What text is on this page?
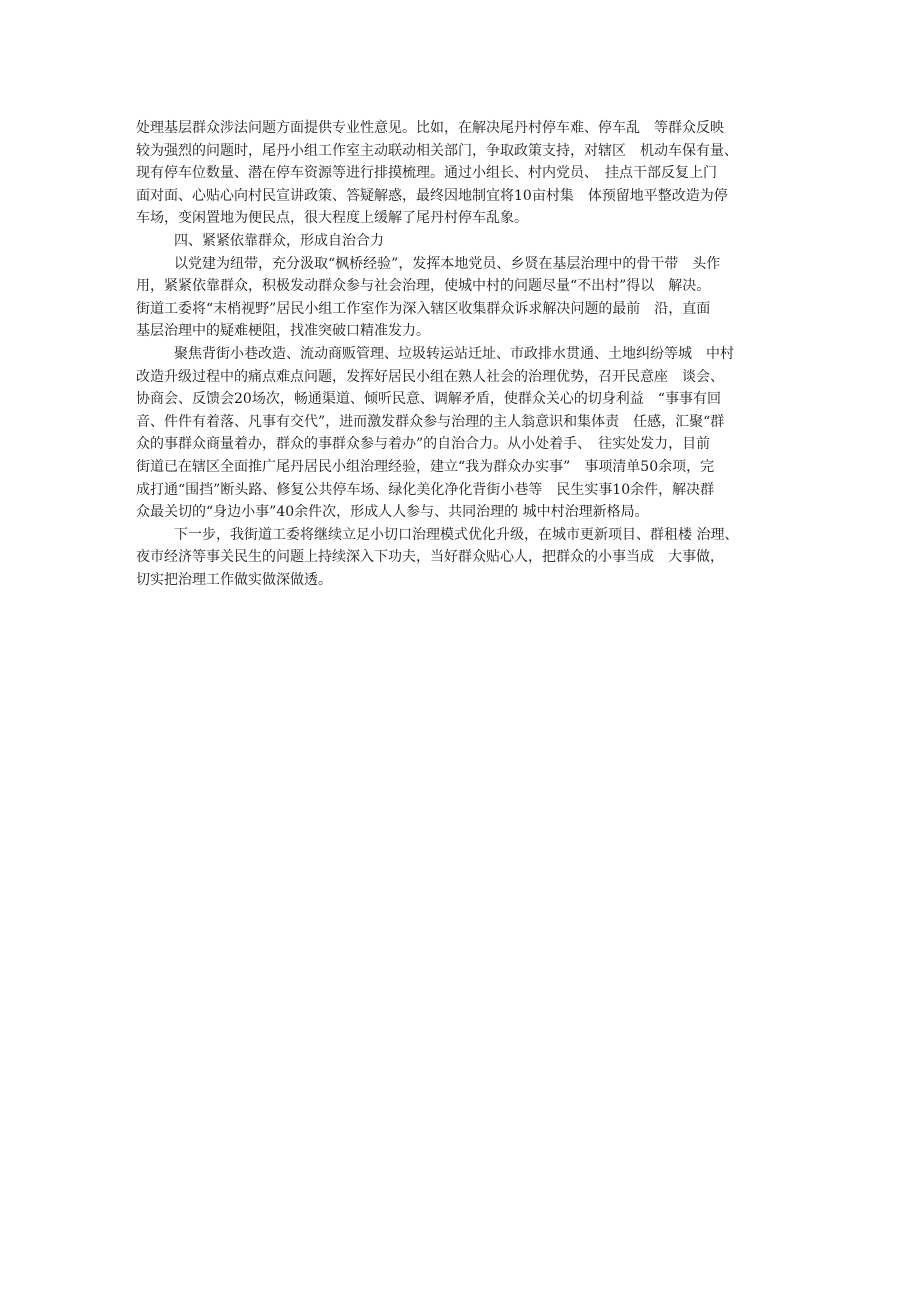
处理基层群众涉法问题方面提供专业性意见。比如，在解决尾丹村停车难、停车乱　等群众反映
较为强烈的问题时，尾丹小组工作室主动联动相关部门，争取政策支持，对辖区　机动车保有量、
现有停车位数量、潜在停车资源等进行排摸梳理。通过小组长、村内党员、　挂点干部反复上门
面对面、心贴心向村民宣讲政策、答疑解惑，最终因地制宜将10亩村集　体预留地平整改造为停
车场，变闲置地为便民点，很大程度上缓解了尾丹村停车乱象。

四、紧紧依靠群众，形成自治合力

以党建为纽带，充分汲取“枫桥经验”，发挥本地党员、乡贤在基层治理中的骨干带　头作
用，紧紧依靠群众，积极发动群众参与社会治理，使城中村的问题尽量“不出村”得以　解决。
街道工委将“末梢视野”居民小组工作室作为深入辖区收集群众诉求解决问题的最前　沿，直面
基层治理中的疑难梗阻，找准突破口精准发力。

聚焦背街小巷改造、流动商贩管理、垃圾转运站迁址、市政排水贯通、土地纠纷等城　中村
改造升级过程中的痛点难点问题，发挥好居民小组在熟人社会的治理优势，召开民意座　谈会、
协商会、反馈会20场次，畅通渠道、倾听民意、调解矛盾，使群众关心的切身利益　“事事有回
音、件件有着落、凡事有交代”，进而激发群众参与治理的主人翁意识和集体责　任感，汇聚“群
众的事群众商量着办，群众的事群众参与着办”的自治合力。从小处着手、　往实处发力，目前
街道已在辖区全面推广尾丹居民小组治理经验，建立“我为群众办实事”　事项清单50余项，完
成打通“围挡”断头路、修复公共停车场、绿化美化净化背街小巷等　民生实事10余件，解决群
众最关切的“身边小事”40余件次，形成人人参与、共同治理的 城中村治理新格局。

下一步，我街道工委将继续立足小切口治理模式优化升级，在城市更新项目、群租楼 治理、
夜市经济等事关民生的问题上持续深入下功夫，当好群众贴心人，把群众的小事当成　大事做，
切实把治理工作做实做深做透。
